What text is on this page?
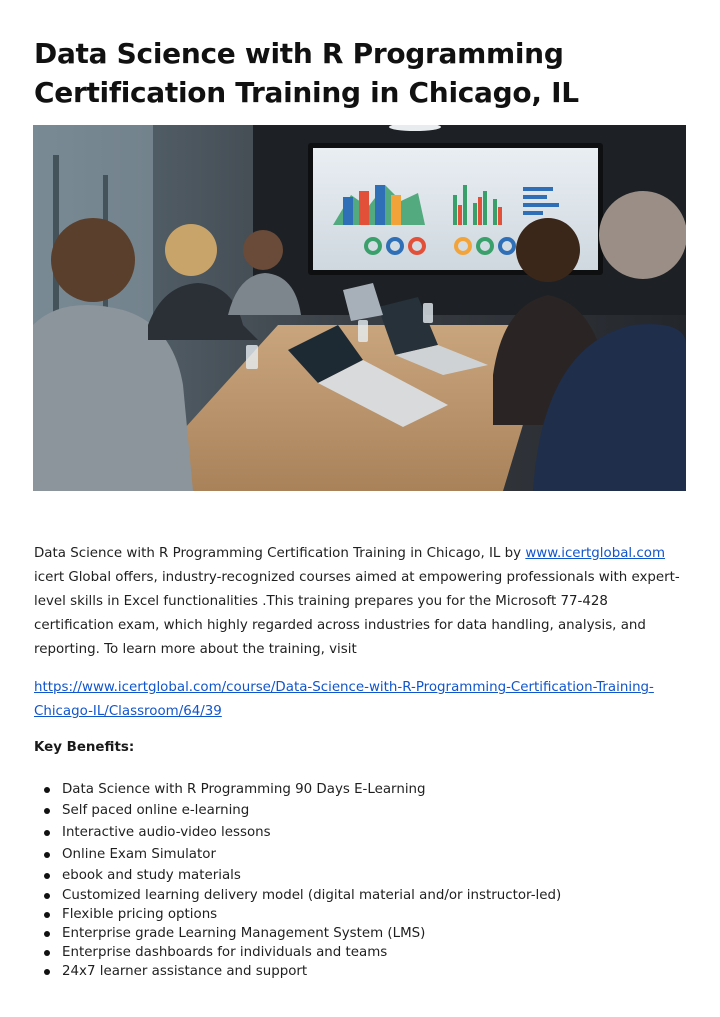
Data Science with R Programming Certification Training in Chicago, IL

Data Science with R Programming Certification Training in Chicago, IL by www.icertglobal.com icert Global offers, industry-recognized courses aimed at empowering professionals with expert-level skills in Excel functionalities .This training prepares you for the Microsoft 77-428 certification exam, which highly regarded across industries for data handling, analysis, and reporting. To learn more about the training, visit

https://www.icertglobal.com/course/Data-Science-with-R-Programming-Certification-Training-Chicago-IL/Classroom/64/39

Key Benefits:

Data Science with R Programming 90 Days E-Learning
Self paced online e-learning
Interactive audio-video lessons
Online Exam Simulator
ebook and study materials
Customized learning delivery model (digital material and/or instructor-led)
Flexible pricing options
Enterprise grade Learning Management System (LMS)
Enterprise dashboards for individuals and teams
24x7 learner assistance and support
